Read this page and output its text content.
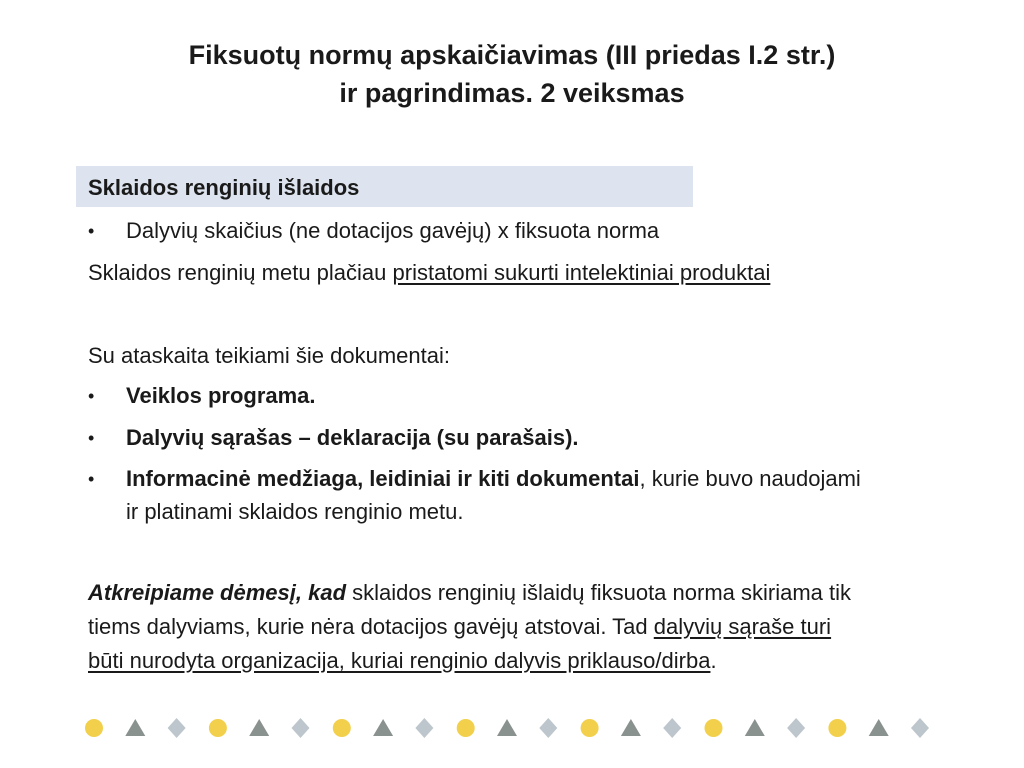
Fiksuotų normų apskaičiavimas (III priedas I.2 str.)
ir pagrindimas. 2 veiksmas
Sklaidos renginių išlaidos
•	Dalyvių skaičius (ne dotacijos gavėjų) x fiksuota norma
Sklaidos renginių metu plačiau pristatomi sukurti intelektiniai produktai
Su ataskaita teikiami šie dokumentai:
•	Veiklos programa.
•	Dalyvių sąrašas – deklaracija (su parašais).
•	Informacinė medžiaga, leidiniai ir kiti dokumentai, kurie buvo naudojami
ir platinami sklaidos renginio metu.
Atkreipiame dėmesį, kad sklaidos renginių išlaidų fiksuota norma skiriama tik
tiems dalyviams, kurie nėra dotacijos gavėjų atstovai. Tad dalyvių sąraše turi
būti nurodyta organizacija, kuriai renginio dalyvis priklauso/dirba.
